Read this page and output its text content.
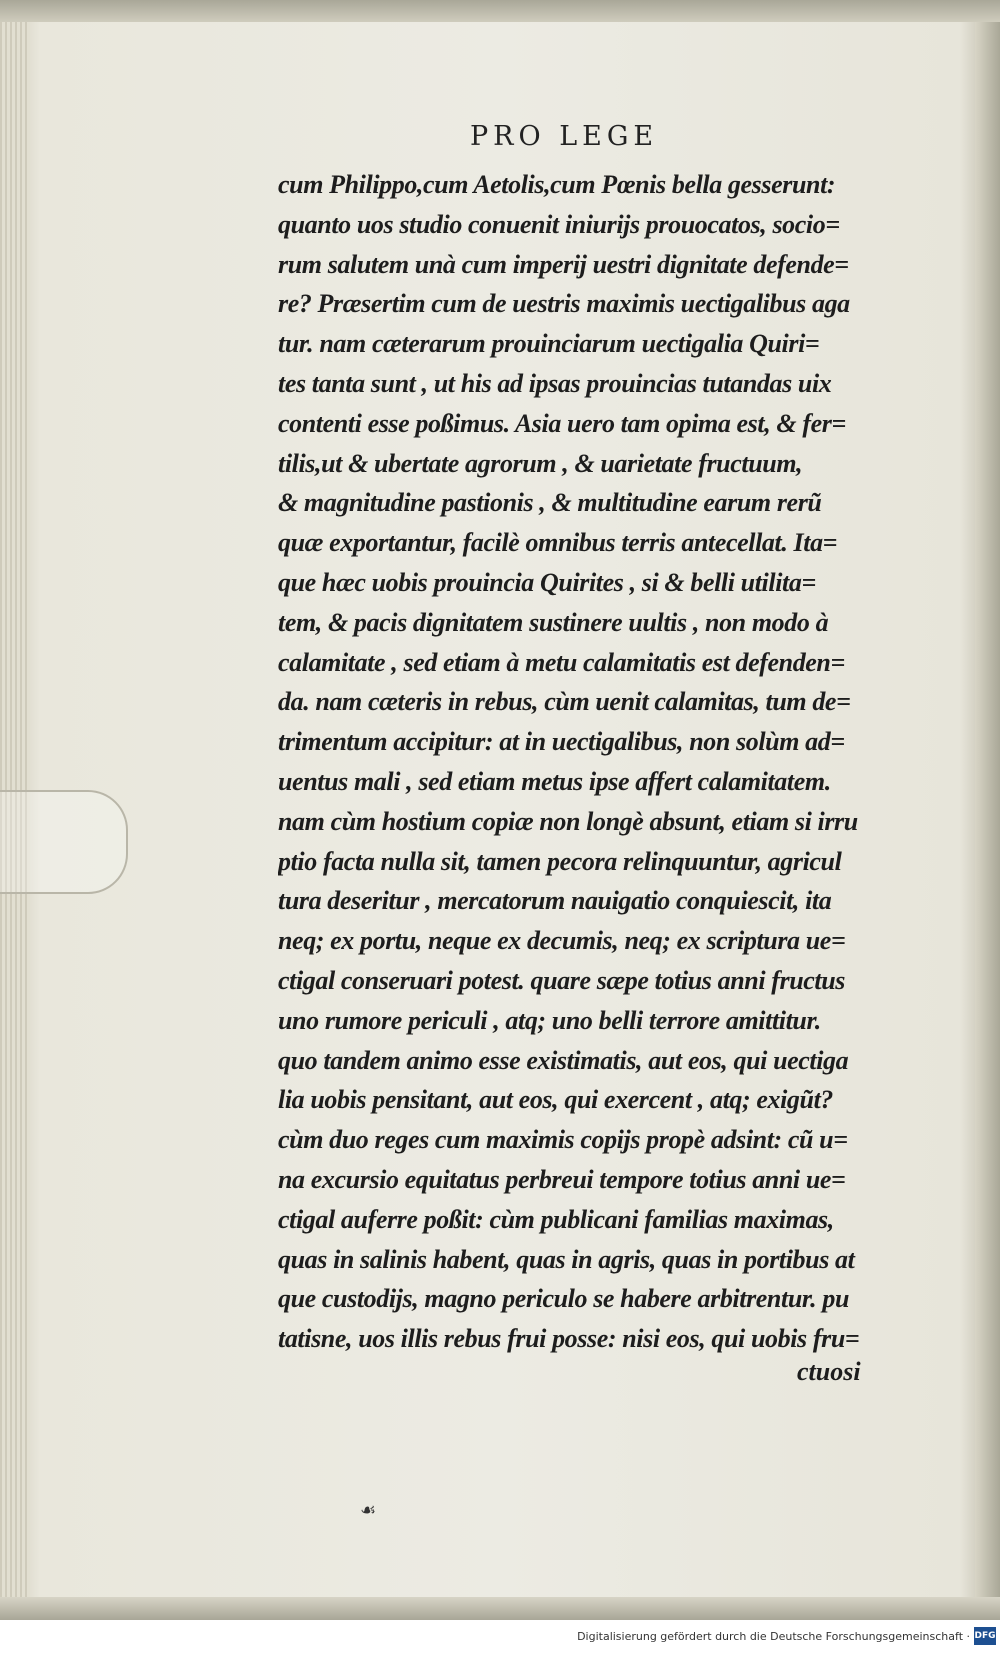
PRO LEGE
cum Philippo,cum Aetolis,cum Pœnis bella gesserunt:
quanto uos studio conuenit iniurijs prouocatos, socio=
rum salutem unà cum imperij uestri dignitate defende=
re? Præsertim cum de uestris maximis uectigalibus aga
tur. nam cæterarum prouinciarum uectigalia Quiri=
tes tanta sunt , ut his ad ipsas prouincias tutandas uix
contenti esse poßimus. Asia uero tam opima est, & fer=
tilis,ut & ubertate agrorum , & uarietate fructuum,
& magnitudine pastionis , & multitudine earum rerũ
quæ exportantur, facilè omnibus terris antecellat. Ita=
que hæc uobis prouincia Quirites , si & belli utilita=
tem, & pacis dignitatem sustinere uultis , non modo à
calamitate , sed etiam à metu calamitatis est defenden=
da. nam cæteris in rebus, cùm uenit calamitas, tum de=
trimentum accipitur: at in uectigalibus, non solùm ad=
uentus mali , sed etiam metus ipse affert calamitatem.
nam cùm hostium copiæ non longè absunt, etiam si irru
ptio facta nulla sit, tamen pecora relinquuntur, agricul
tura deseritur , mercatorum nauigatio conquiescit, ita
neq; ex portu, neque ex decumis, neq; ex scriptura ue=
ctigal conseruari potest. quare sæpe totius anni fructus
uno rumore periculi , atq; uno belli terrore amittitur.
quo tandem animo esse existimatis, aut eos, qui uectiga
lia uobis pensitant, aut eos, qui exercent , atq; exigũt?
cùm duo reges cum maximis copijs propè adsint: cũ u=
na excursio equitatus perbreui tempore totius anni ue=
ctigal auferre poßit: cùm publicani familias maximas,
quas in salinis habent, quas in agris, quas in portibus at
que custodijs, magno periculo se habere arbitrentur. pu
tatisne, uos illis rebus frui posse: nisi eos, qui uobis fru=
ctuosi
☙
Digitalisierung gefördert durch die Deutsche Forschungsgemeinschaft · DFG
